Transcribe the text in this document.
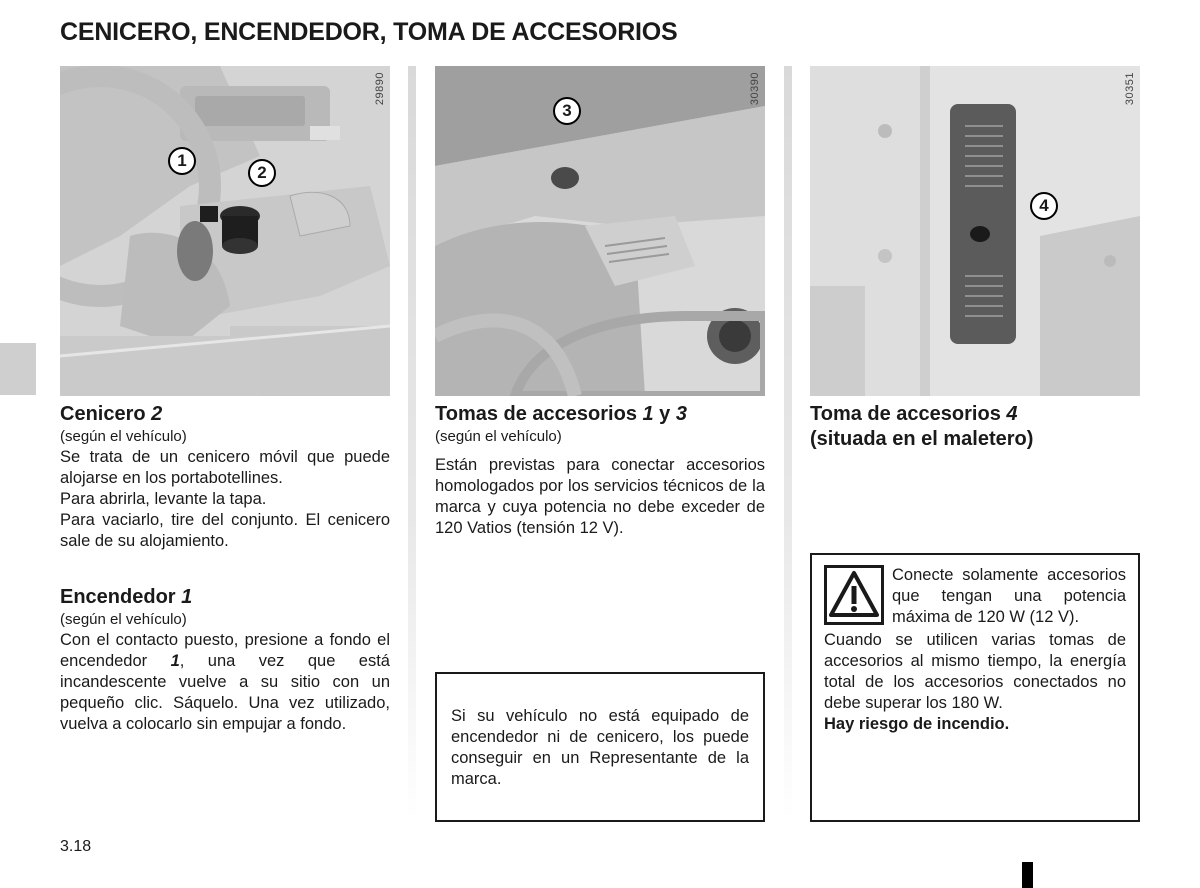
CENICERO, ENCENDEDOR, TOMA DE ACCESORIOS
29890
1
2
30390
3
30351
4
Cenicero 2
(según el vehículo)
Se trata de un cenicero móvil que puede alojarse en los portabotellines.
Para abrirla, levante la tapa.
Para vaciarlo, tire del conjunto. El cenicero sale de su alojamiento.
Encendedor 1
(según el vehículo)
Con el contacto puesto, presione a fondo el encendedor 1, una vez que está incandescente vuelve a su sitio con un pequeño clic. Sáquelo. Una vez utilizado, vuelva a colocarlo sin empujar a fondo.
Tomas de accesorios 1 y 3
(según el vehículo)
Están previstas para conectar accesorios homologados por los servicios técnicos de la marca y cuya potencia no debe exceder de 120 Vatios (tensión 12 V).
Si su vehículo no está equipado de encendedor ni de cenicero, los puede conseguir en un Representante de la marca.
Toma de accesorios 4
(situada en el maletero)
Conecte solamente accesorios que tengan una potencia máxima de 120 W (12 V).
Cuando se utilicen varias tomas de accesorios al mismo tiempo, la energía total de los accesorios conectados no debe superar los 180 W.
Hay riesgo de incendio.
3.18
